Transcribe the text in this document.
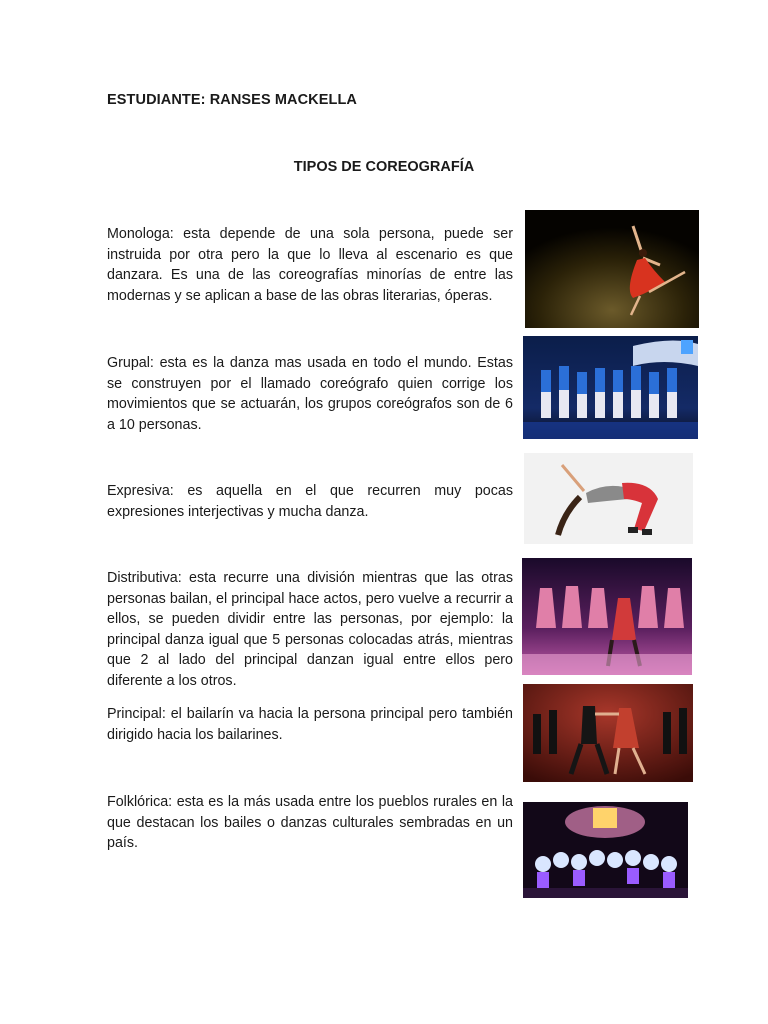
ESTUDIANTE: RANSES MACKELLA
TIPOS DE COREOGRAFÍA

Monologa: esta depende de una sola persona, puede ser instruida por otra pero la que lo lleva al escenario es que danzara. Es una de las coreografías minorías de entre las modernas y se aplican a base de las obras literarias, óperas.

Grupal: esta es la danza mas usada en todo el mundo. Estas se construyen por el llamado coreógrafo quien corrige los movimientos que se actuarán, los grupos coreógrafos son de 6 a 10 personas.

Expresiva: es aquella en el que recurren muy pocas expresiones interjectivas y mucha danza.

Distributiva: esta recurre una división mientras que las otras personas bailan, el principal hace actos, pero vuelve a recurrir a ellos, se pueden dividir entre las personas, por ejemplo: la principal danza igual que 5 personas colocadas atrás, mientras que 2 al lado del principal danzan igual entre ellos pero diferente a los otros.

Principal: el bailarín va hacia la persona principal pero también dirigido hacia los bailarines.

Folklórica: esta es la más usada entre los pueblos rurales en la que destacan los bailes o danzas culturales sembradas en un país.
